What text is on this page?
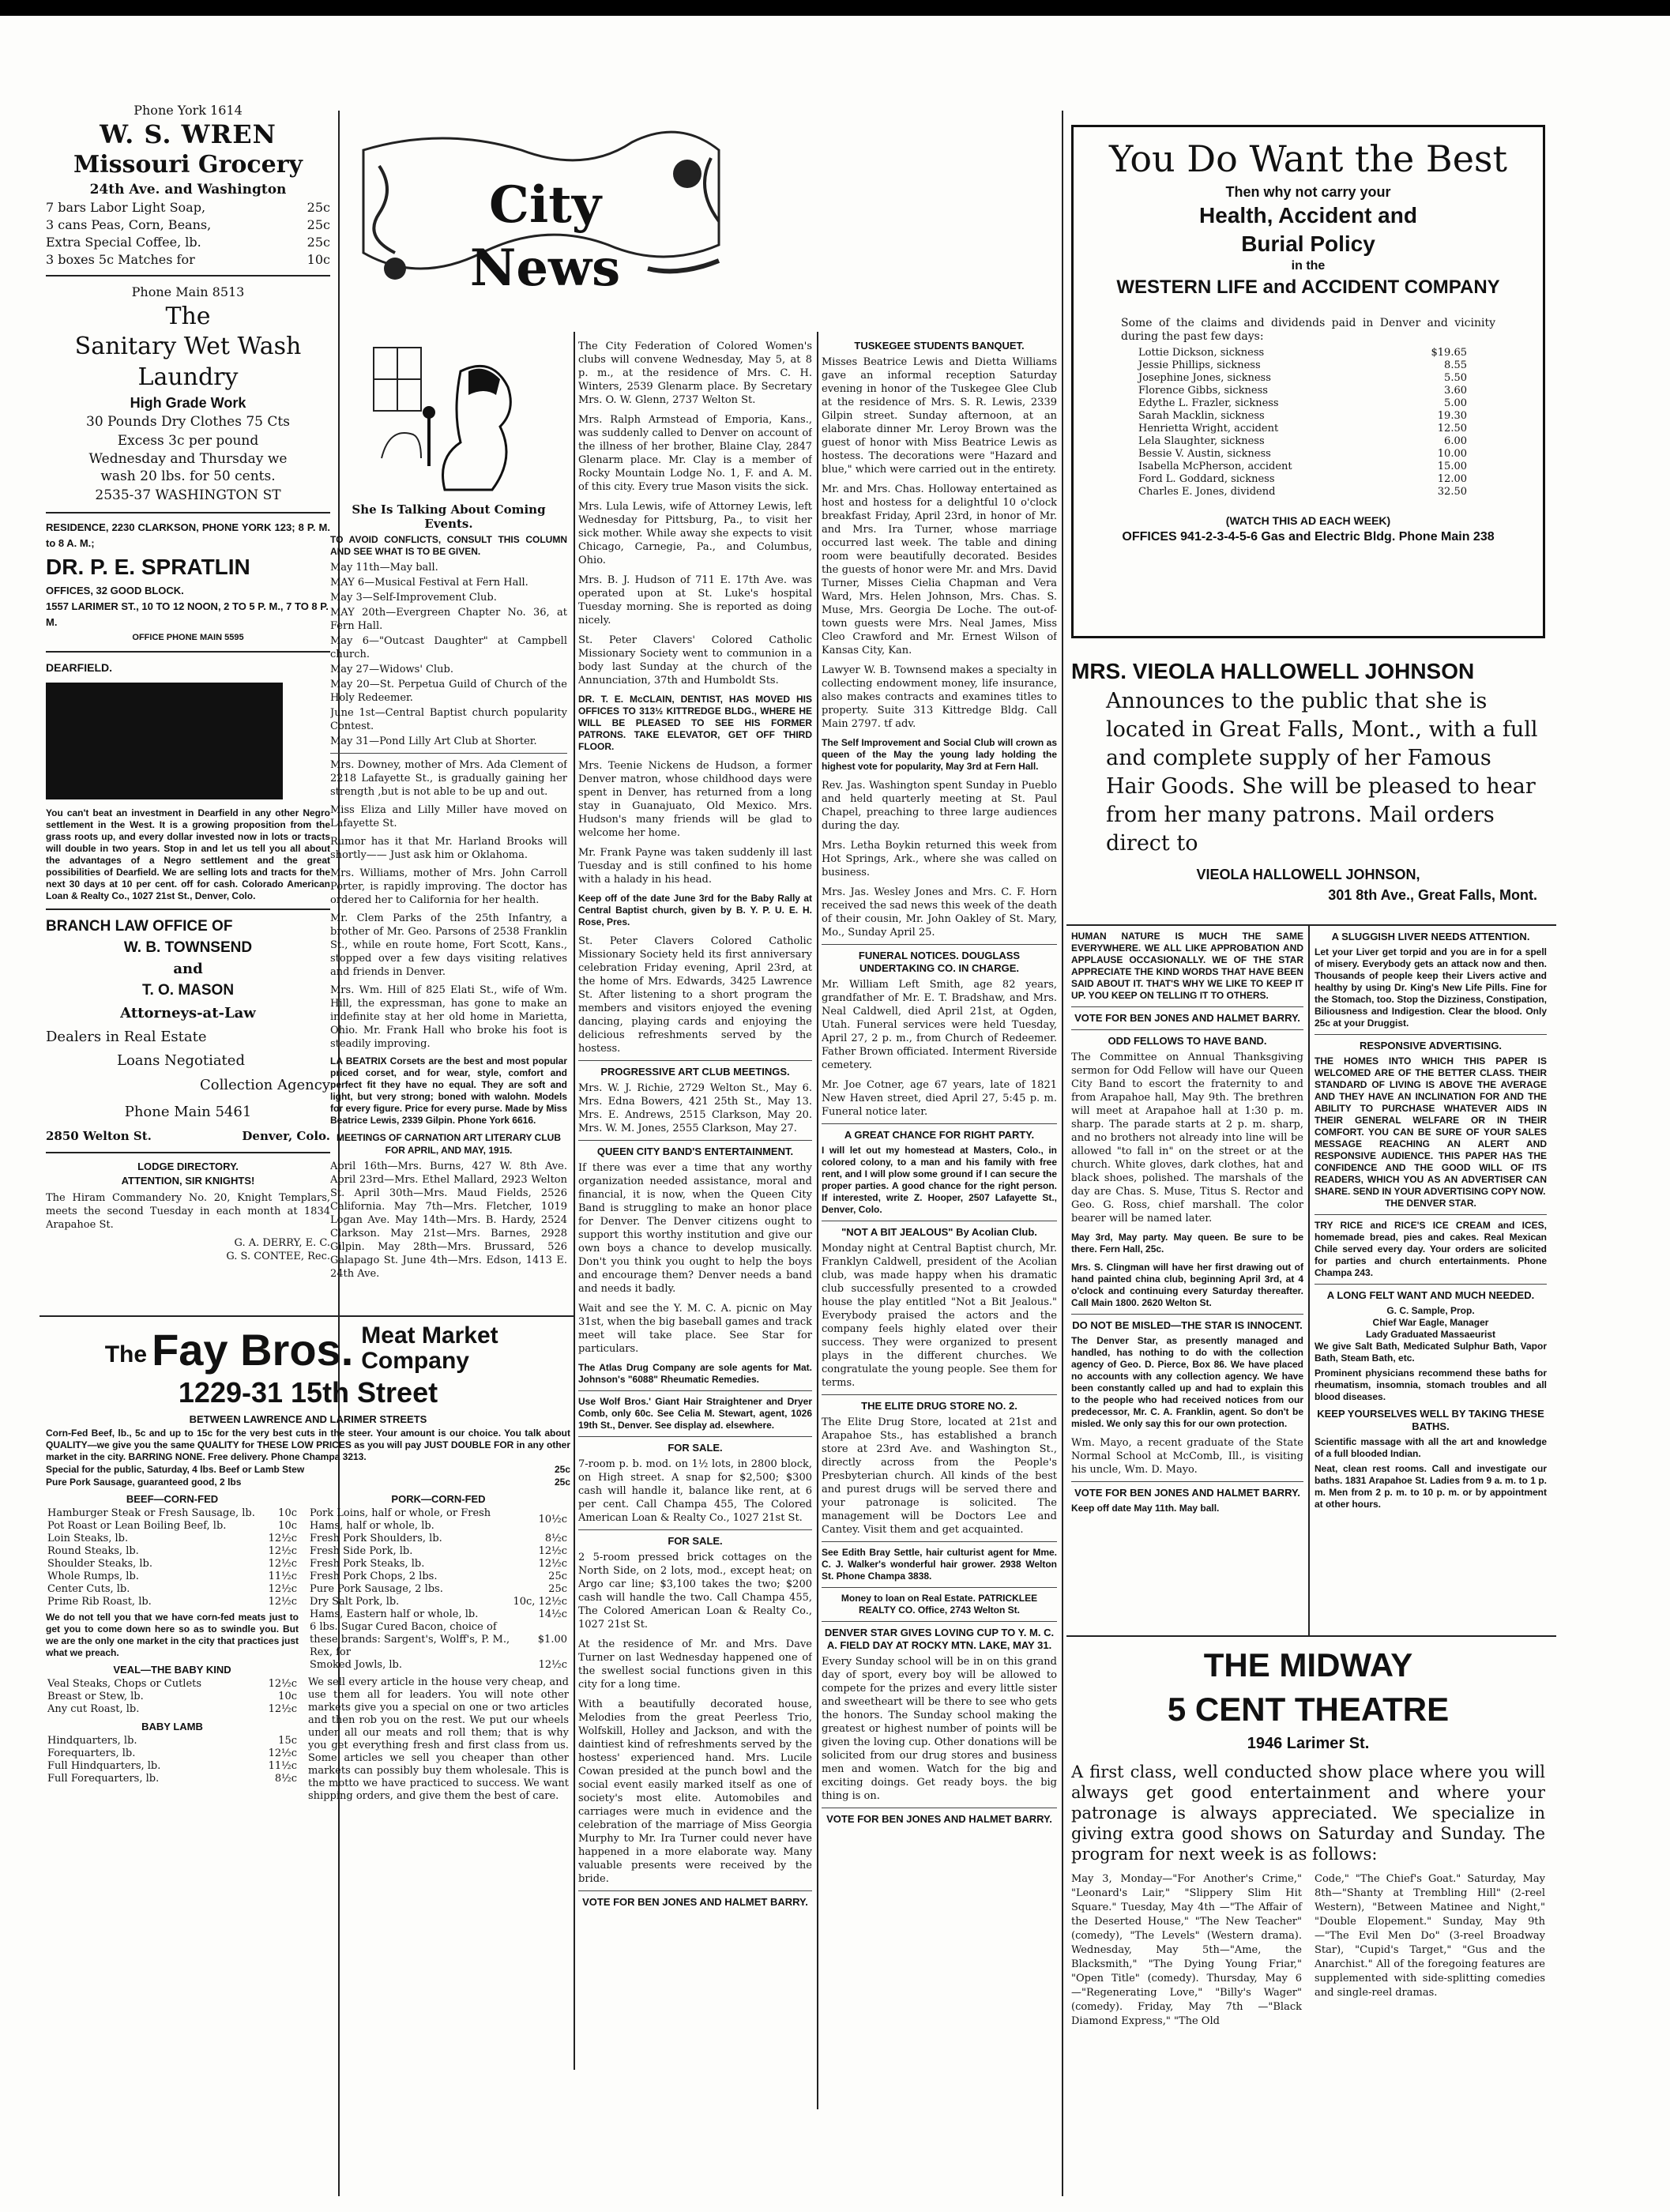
Phone York 1614
W. S. WREN
Missouri Grocery
24th Ave. and Washington
7 bars Labor Light Soap,	25c
3 cans Peas, Corn, Beans,	25c
Extra Special Coffee, lb.	25c
3 boxes 5c Matches for	10c
Phone Main 8513
The
Sanitary Wet Wash
Laundry
High Grade Work
30 Pounds Dry Clothes 75 Cts
Excess 3c per pound
Wednesday and Thursday we
wash 20 lbs. for 50 cents.
2535-37 WASHINGTON ST
RESIDENCE, 2230 CLARKSON, PHONE YORK 123; 8 P. M. to 8 A. M.;
DR. P. E. SPRATLIN
OFFICES, 32 GOOD BLOCK.
1557 LARIMER ST., 10 TO 12 NOON, 2 TO 5 P. M., 7 TO 8 P. M.
OFFICE PHONE MAIN 5595
DEARFIELD.

You can't beat an investment in Dearfield in any other Negro settlement in the West. It is a growing proposition from the grass roots up, and every dollar invested now in lots or tracts will double in two years. Stop in and let us tell you all about the advantages of a Negro settlement and the great possibilities of Dearfield. We are selling lots and tracts for the next 30 days at 10 per cent. off for cash. Colorado American Loan & Realty Co., 1027 21st St., Denver, Colo.

BRANCH LAW OFFICE OF
W. B. TOWNSEND
and
T. O. MASON
Attorneys-at-Law
Dealers in Real Estate
Loans Negotiated
Collection Agency
Phone Main 5461
2850 Welton St.	Denver, Colo.
LODGE DIRECTORY.
ATTENTION, SIR KNIGHTS!

The Hiram Commandery No. 20, Knight Templars, meets the second Tuesday in each month at 1834 Arapahoe St.

G. A. DERRY, E. C.
G. S. CONTEE, Rec.
The Fay Bros. Meat Market Company
1229-31 15th Street
BETWEEN LAWRENCE AND LARIMER STREETS

Corn-Fed Beef, lb., 5c and up to 15c for the very best cuts in the steer. Your amount is our choice. You talk about QUALITY—we give you the same QUALITY for THESE LOW PRICES as you will pay JUST DOUBLE FOR in any other market in the city. BARRING NONE. Free delivery. Phone Champa 3213.

Special for the public, Saturday, 4 lbs. Beef or Lamb Stew	25c
Pure Pork Sausage, guaranteed good, 2 lbs	25c
BEEF—CORN-FED
Hamburger Steak or Fresh Sausage, lb.	10c
Pot Roast or Lean Boiling Beef, lb.	10c
Loin Steaks, lb.	12½c
Round Steaks, lb.	12½c
Shoulder Steaks, lb.	12½c
Whole Rumps, lb.	11½c
Center Cuts, lb.	12½c
Prime Rib Roast, lb.	12½c

We do not tell you that we have corn-fed meats just to get you to come down here so as to swindle you. But we are the only one market in the city that practices just what we preach.

VEAL—THE BABY KIND
Veal Steaks, Chops or Cutlets	12½c
Breast or Stew, lb.	10c
Any cut Roast, lb.	12½c
BABY LAMB
Hindquarters, lb.	15c
Forequarters, lb.	12½c
Full Hindquarters, lb.	11½c
Full Forequarters, lb.	8½c
PORK—CORN-FED
Pork Loins, half or whole, or Fresh Hams, half or whole, lb.	10½c
Fresh Pork Shoulders, lb.	8½c
Fresh Side Pork, lb.	12½c
Fresh Pork Steaks, lb.	12½c
Fresh Pork Chops, 2 lbs.	25c
Pure Pork Sausage, 2 lbs.	25c
Dry Salt Pork, lb.	10c, 12½c
Hams, Eastern half or whole, lb.	14½c
6 lbs. Sugar Cured Bacon, choice of these brands: Sargent's, Wolff's, P. M., Rex, for	$1.00
Smoked Jowls, lb.	12½c

We sell every article in the house very cheap, and use them all for leaders. You will note other markets give you a special on one or two articles and then rob you on the rest. We put our wheels under all our meats and roll them; that is why you get everything fresh and first class from us. Some articles we sell you cheaper than other markets can possibly buy them wholesale. This is the motto we have practiced to success. We want shipping orders, and give them the best of care.

City News
She Is Talking About Coming Events.

TO AVOID CONFLICTS, CONSULT THIS COLUMN AND SEE WHAT IS TO BE GIVEN.

May 11th—May ball.
MAY 6—Musical Festival at Fern Hall.
May 3—Self-Improvement Club.
MAY 20th—Evergreen Chapter No. 36, at Fern Hall.
May 6—"Outcast Daughter" at Campbell church.
May 27—Widows' Club.
May 20—St. Perpetua Guild of Church of the Holy Redeemer.
June 1st—Central Baptist church popularity Contest.
May 31—Pond Lilly Art Club at Shorter.

Mrs. Downey, mother of Mrs. Ada Clement of 2218 Lafayette St., is gradually gaining her strength ,but is not able to be up and out.

Miss Eliza and Lilly Miller have moved on Lafayette St.

Rumor has it that Mr. Harland Brooks will shortly—— Just ask him or Oklahoma.

Mrs. Williams, mother of Mrs. John Carroll Porter, is rapidly improving. The doctor has ordered her to California for her health.

Mr. Clem Parks of the 25th Infantry, a brother of Mr. Geo. Parsons of 2538 Franklin St., while en route home, Fort Scott, Kans., stopped over a few days visiting relatives and friends in Denver.

Mrs. Wm. Hill of 825 Elati St., wife of Wm. Hill, the expressman, has gone to make an indefinite stay at her old home in Marietta, Ohio. Mr. Frank Hall who broke his foot is steadily improving.

LA BEATRIX Corsets are the best and most popular priced corset, and for wear, style, comfort and perfect fit they have no equal. They are soft and light, but very strong; boned with walohn. Models for every figure. Price for every purse. Made by Miss Beatrice Lewis, 2339 Gilpin. Phone York 6616.

MEETINGS OF CARNATION ART LITERARY CLUB FOR APRIL, AND MAY, 1915.

April 16th—Mrs. Burns, 427 W. 8th Ave. April 23rd—Mrs. Ethel Mallard, 2923 Welton St. April 30th—Mrs. Maud Fields, 2526 California. May 7th—Mrs. Fletcher, 1019 Logan Ave. May 14th—Mrs. B. Hardy, 2524 Clarkson. May 21st—Mrs. Barnes, 2928 Gilpin. May 28th—Mrs. Brussard, 526 Galapago St. June 4th—Mrs. Edson, 1413 E. 24th Ave.

The City Federation of Colored Women's clubs will convene Wednesday, May 5, at 8 p. m., at the residence of Mrs. C. H. Winters, 2539 Glenarm place. By Secretary Mrs. O. W. Glenn, 2737 Welton St.

Mrs. Ralph Armstead of Emporia, Kans., was suddenly called to Denver on account of the illness of her brother, Blaine Clay, 2847 Glenarm place. Mr. Clay is a member of Rocky Mountain Lodge No. 1, F. and A. M. of this city. Every true Mason visits the sick.

Mrs. Lula Lewis, wife of Attorney Lewis, left Wednesday for Pittsburg, Pa., to visit her sick mother. While away she expects to visit Chicago, Carnegie, Pa., and Columbus, Ohio.

Mrs. B. J. Hudson of 711 E. 17th Ave. was operated upon at St. Luke's hospital Tuesday morning. She is reported as doing nicely.

St. Peter Clavers' Colored Catholic Missionary Society went to communion in a body last Sunday at the church of the Annunciation, 37th and Humboldt Sts.

DR. T. E. McCLAIN, DENTIST, HAS MOVED HIS OFFICES TO 313½ KITTREDGE BLDG., WHERE HE WILL BE PLEASED TO SEE HIS FORMER PATRONS. TAKE ELEVATOR, GET OFF THIRD FLOOR.

Mrs. Teenie Nickens de Hudson, a former Denver matron, whose childhood days were spent in Denver, has returned from a long stay in Guanajuato, Old Mexico. Mrs. Hudson's many friends will be glad to welcome her home.

Mr. Frank Payne was taken suddenly ill last Tuesday and is still confined to his home with a halady in his head.

Keep off of the date June 3rd for the Baby Rally at Central Baptist church, given by B. Y. P. U. E. H. Rose, Pres.

St. Peter Clavers Colored Catholic Missionary Society held its first anniversary celebration Friday evening, April 23rd, at the home of Mrs. Edwards, 3425 Lawrence St. After listening to a short program the members and visitors enjoyed the evening dancing, playing cards and enjoying the delicious refreshments served by the hostess.

PROGRESSIVE ART CLUB MEETINGS.

Mrs. W. J. Richie, 2729 Welton St., May 6. Mrs. Edna Bowers, 421 25th St., May 13. Mrs. E. Andrews, 2515 Clarkson, May 20. Mrs. W. M. Jones, 2555 Clarkson, May 27.

QUEEN CITY BAND'S ENTERTAINMENT.

If there was ever a time that any worthy organization needed assistance, moral and financial, it is now, when the Queen City Band is struggling to make an honor place for Denver. The Denver citizens ought to support this worthy institution and give our own boys a chance to develop musically. Don't you think you ought to help the boys and encourage them? Denver needs a band and needs it badly.

Wait and see the Y. M. C. A. picnic on May 31st, when the big baseball games and track meet will take place. See Star for particulars.

The Atlas Drug Company are sole agents for Mat. Johnson's "6088" Rheumatic Remedies.

Use Wolf Bros.' Giant Hair Straightener and Dryer Comb, only 60c. See Celia M. Stewart, agent, 1026 19th St., Denver. See display ad. elsewhere.

FOR SALE.

7-room p. b. mod. on 1½ lots, in 2800 block, on High street. A snap for $2,500; $300 cash will handle it, balance like rent, at 6 per cent. Call Champa 455, The Colored American Loan & Realty Co., 1027 21st St.

FOR SALE.

2 5-room pressed brick cottages on the North Side, on 2 lots, mod., except heat; on Argo car line; $3,100 takes the two; $200 cash will handle the two. Call Champa 455, The Colored American Loan & Realty Co., 1027 21st St.

At the residence of Mr. and Mrs. Dave Turner on last Wednesday happened one of the swellest social functions given in this city for a long time.

With a beautifully decorated house, Melodies from the great Peerless Trio, Wolfskill, Holley and Jackson, and with the daintiest kind of refreshments served by the hostess' experienced hand. Mrs. Lucile Cowan presided at the punch bowl and the social event easily marked itself as one of society's most elite. Automobiles and carriages were much in evidence and the celebration of the marriage of Miss Georgia Murphy to Mr. Ira Turner could never have happened in a more elaborate way. Many valuable presents were received by the bride.

VOTE FOR BEN JONES AND HALMET BARRY.
TUSKEGEE STUDENTS BANQUET.

Misses Beatrice Lewis and Dietta Williams gave an informal reception Saturday evening in honor of the Tuskegee Glee Club at the residence of Mrs. S. R. Lewis, 2339 Gilpin street. Sunday afternoon, at an elaborate dinner Mr. Leroy Brown was the guest of honor with Miss Beatrice Lewis as hostess. The decorations were "Hazard and blue," which were carried out in the entirety.

Mr. and Mrs. Chas. Holloway entertained as host and hostess for a delightful 10 o'clock breakfast Friday, April 23rd, in honor of Mr. and Mrs. Ira Turner, whose marriage occurred last week. The table and dining room were beautifully decorated. Besides the guests of honor were Mr. and Mrs. David Turner, Misses Cielia Chapman and Vera Ward, Mrs. Helen Johnson, Mrs. Chas. S. Muse, Mrs. Georgia De Loche. The out-of-town guests were Mrs. Neal James, Miss Cleo Crawford and Mr. Ernest Wilson of Kansas City, Kan.

Lawyer W. B. Townsend makes a specialty in collecting endowment money, life insurance, also makes contracts and examines titles to property. Suite 313 Kittredge Bldg. Call Main 2797. tf adv.

The Self Improvement and Social Club will crown as queen of the May the young lady holding the highest vote for popularity, May 3rd at Fern Hall.

Rev. Jas. Washington spent Sunday in Pueblo and held quarterly meeting at St. Paul Chapel, preaching to three large audiences during the day.

Mrs. Letha Boykin returned this week from Hot Springs, Ark., where she was called on business.

Mrs. Jas. Wesley Jones and Mrs. C. F. Horn received the sad news this week of the death of their cousin, Mr. John Oakley of St. Mary, Mo., Sunday April 25.

FUNERAL NOTICES. DOUGLASS UNDERTAKING CO. IN CHARGE.

Mr. William Left Smith, age 82 years, grandfather of Mr. E. T. Bradshaw, and Mrs. Neal Caldwell, died April 21st, at Ogden, Utah. Funeral services were held Tuesday, April 27, 2 p. m., from Church of Redeemer. Father Brown officiated. Interment Riverside cemetery.

Mr. Joe Cotner, age 67 years, late of 1821 New Haven street, died April 27, 5:45 p. m. Funeral notice later.

A GREAT CHANCE FOR RIGHT PARTY.

I will let out my homestead at Masters, Colo., in colored colony, to a man and his family with free rent, and I will plow some ground if I can secure the proper parties. A good chance for the right person. If interested, write Z. Hooper, 2507 Lafayette St., Denver, Colo.

"NOT A BIT JEALOUS" By Acolian Club.

Monday night at Central Baptist church, Mr. Franklyn Caldwell, president of the Acolian club, was made happy when his dramatic club successfully presented to a crowded house the play entitled "Not a Bit Jealous." Everybody praised the actors and the company feels highly elated over their success. They were organized to present plays in the different churches. We congratulate the young people. See them for terms.

THE ELITE DRUG STORE NO. 2.

The Elite Drug Store, located at 21st and Arapahoe Sts., has established a branch store at 23rd Ave. and Washington St., directly across from the People's Presbyterian church. All kinds of the best and purest drugs will be served there and your patronage is solicited. The management will be Doctors Lee and Cantey. Visit them and get acquainted.

See Edith Bray Settle, hair culturist agent for Mme. C. J. Walker's wonderful hair grower. 2938 Welton St. Phone Champa 3838.

Money to loan on Real Estate. PATRICKLEE REALTY CO. Office, 2743 Welton St.

DENVER STAR GIVES LOVING CUP TO Y. M. C. A. FIELD DAY AT ROCKY MTN. LAKE, MAY 31.

Every Sunday school will be in on this grand day of sport, every boy will be allowed to compete for the prizes and every little sister and sweetheart will be there to see who gets the honors. The Sunday school making the greatest or highest number of points will be given the loving cup. Other donations will be solicited from our drug stores and business men and women. Watch for the big and exciting doings. Get ready boys. the big thing is on.

VOTE FOR BEN JONES AND HALMET BARRY.
You Do Want the Best
Then why not carry your
Health, Accident and
Burial Policy
in the
WESTERN LIFE and ACCIDENT COMPANY

Some of the claims and dividends paid in Denver and vicinity during the past few days:

Lottie Dickson, sickness	$19.65
Jessie Phillips, sickness	8.55
Josephine Jones, sickness	5.50
Florence Gibbs, sickness	3.60
Edythe L. Frazler, sickness	5.00
Sarah Macklin, sickness	19.30
Henrietta Wright, accident	12.50
Lela Slaughter, sickness	6.00
Bessie V. Austin, sickness	10.00
Isabella McPherson, accident	15.00
Ford L. Goddard, sickness	12.00
Charles E. Jones, dividend	32.50
(WATCH THIS AD EACH WEEK)
OFFICES 941-2-3-4-5-6 Gas and Electric Bldg. Phone Main 238
MRS. VIEOLA HALLOWELL JOHNSON

Announces to the public that she is located in Great Falls, Mont., with a full and complete supply of her Famous Hair Goods. She will be pleased to hear from her many patrons. Mail orders direct to

VIEOLA HALLOWELL JOHNSON,
301 8th Ave., Great Falls, Mont.

HUMAN NATURE IS MUCH THE SAME EVERYWHERE. WE ALL LIKE APPROBATION AND APPLAUSE OCCASIONALLY. WE OF THE STAR APPRECIATE THE KIND WORDS THAT HAVE BEEN SAID ABOUT IT. THAT'S WHY WE LIKE TO KEEP IT UP. YOU KEEP ON TELLING IT TO OTHERS.

VOTE FOR BEN JONES AND HALMET BARRY.
ODD FELLOWS TO HAVE BAND.

The Committee on Annual Thanksgiving sermon for Odd Fellow will have our Queen City Band to escort the fraternity to and from Arapahoe hall, May 9th. The brethren will meet at Arapahoe hall at 1:30 p. m. sharp. The parade starts at 2 p. m. sharp, and no brothers not already into line will be allowed "to fall in" on the street or at the church. White gloves, dark clothes, hat and black shoes, polished. The marshals of the day are Chas. S. Muse, Titus S. Rector and Geo. G. Ross, chief marshall. The color bearer will be named later.

May 3rd, May party. May queen. Be sure to be there. Fern Hall, 25c.

Mrs. S. Clingman will have her first drawing out of hand painted china club, beginning April 3rd, at 4 o'clock and continuing every Saturday thereafter. Call Main 1800. 2620 Welton St.

DO NOT BE MISLED—THE STAR IS INNOCENT.

The Denver Star, as presently managed and handled, has nothing to do with the collection agency of Geo. D. Pierce, Box 86. We have placed no accounts with any collection agency. We have been constantly called up and had to explain this to the people who had received notices from our predecessor, Mr. C. A. Franklin, agent. So don't be misled. We only say this for our own protection.

Wm. Mayo, a recent graduate of the State Normal School at McComb, Ill., is visiting his uncle, Wm. D. Mayo.

VOTE FOR BEN JONES AND HALMET BARRY.

Keep off date May 11th. May ball.

A SLUGGISH LIVER NEEDS ATTENTION.

Let your Liver get torpid and you are in for a spell of misery. Everybody gets an attack now and then. Thousands of people keep their Livers active and healthy by using Dr. King's New Life Pills. Fine for the Stomach, too. Stop the Dizziness, Constipation, Biliousness and Indigestion. Clear the blood. Only 25c at your Druggist.

RESPONSIVE ADVERTISING.

THE HOMES INTO WHICH THIS PAPER IS WELCOMED ARE OF THE BETTER CLASS. THEIR STANDARD OF LIVING IS ABOVE THE AVERAGE AND THEY HAVE AN INCLINATION FOR AND THE ABILITY TO PURCHASE WHATEVER AIDS IN THEIR GENERAL WELFARE OR IN THEIR COMFORT. YOU CAN BE SURE OF YOUR SALES MESSAGE REACHING AN ALERT AND RESPONSIVE AUDIENCE. THIS PAPER HAS THE CONFIDENCE AND THE GOOD WILL OF ITS READERS, WHICH YOU AS AN ADVERTISER CAN SHARE. SEND IN YOUR ADVERTISING COPY NOW.

THE DENVER STAR.

TRY RICE and RICE'S ICE CREAM and ICES, homemade bread, pies and cakes. Real Mexican Chile served every day. Your orders are solicited for parties and church entertainments. Phone Champa 243.

A LONG FELT WANT AND MUCH NEEDED.
G. C. Sample, Prop.
Chief War Eagle, Manager
Lady Graduated Massaeurist

We give Salt Bath, Medicated Sulphur Bath, Vapor Bath, Steam Bath, etc.

Prominent physicians recommend these baths for rheumatism, insomnia, stomach troubles and all blood diseases.

KEEP YOURSELVES WELL BY TAKING THESE BATHS.

Scientific massage with all the art and knowledge of a full blooded Indian.

Neat, clean rest rooms. Call and investigate our baths. 1831 Arapahoe St. Ladies from 9 a. m. to 1 p. m. Men from 2 p. m. to 10 p. m. or by appointment at other hours.

THE MIDWAY
5 CENT THEATRE
1946 Larimer St.

A first class, well conducted show place where you will always get good entertainment and where your patronage is always appreciated. We specialize in giving extra good shows on Saturday and Sunday. The program for next week is as follows:

May 3, Monday—"For Another's Crime," "Leonard's Lair," "Slippery Slim Hit Square." Tuesday, May 4th —"The Affair of the Deserted House," "The New Teacher" (comedy), "The Levels" (Western drama). Wednesday, May 5th—"Ame, the Blacksmith," "The Dying Young Friar," "Open Title" (comedy). Thursday, May 6—"Regenerating Love," "Billy's Wager" (comedy). Friday, May 7th —"Black Diamond Express," "The Old

Code," "The Chief's Goat." Saturday, May 8th—"Shanty at Trembling Hill" (2-reel Western), "Between Matinee and Night," "Double Elopement." Sunday, May 9th—"The Evil Men Do" (3-reel Broadway Star), "Cupid's Target," "Gus and the Anarchist." All of the foregoing features are supplemented with side-splitting comedies and single-reel dramas.
